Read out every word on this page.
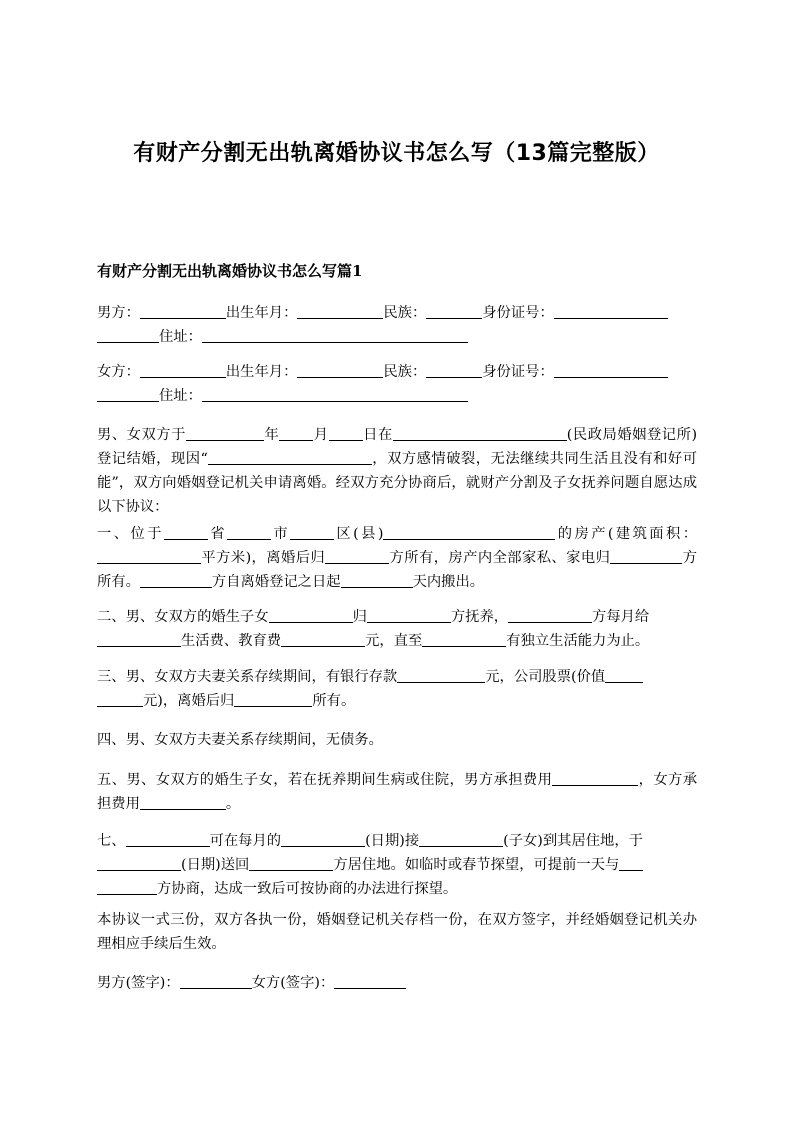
有财产分割无出轨离婚协议书怎么写（13篇完整版）
有财产分割无出轨离婚协议书怎么写篇1
男方：	出生年月：	民族：	身份证号：
住址：
女方：	出生年月：	民族：	身份证号：
住址：
男、女双方于	年 月 日在	(民政局婚姻登记所)登记结婚，现因“	，双方感情破裂，无法继续共同生活且没有和好可能”，双方向婚姻登记机关申请离婚。经双方充分协商后，就财产分割及子女抚养问题自愿达成以下协议：
一、位于	省	市	区(县)	的房产(建筑面积：平方米)，离婚后归	方所有，房产内全部家私、家电归	方所有。	方自离婚登记之日起	天内搬出。
二、男、女双方的婚生子女	归	方抚养，	方每月给
生活费、教育费	元，直至	有独立生活能力为止。
三、男、女双方夫妻关系存续期间，有银行存款	元，公司股票(价值
元)，离婚后归	所有。
四、男、女双方夫妻关系存续期间，无债务。
五、男、女双方的婚生子女，若在抚养期间生病或住院，男方承担费用	，女方承担费用	。
七、	可在每月的	(日期)接	(子女)到其居住地，于
(日期)送回	方居住地。如临时或春节探望，可提前一天与
方协商，达成一致后可按协商的办法进行探望。
本协议一式三份，双方各执一份，婚姻登记机关存档一份，在双方签字，并经婚姻登记机关办理相应手续后生效。
男方(签字)：	女方(签字)：
